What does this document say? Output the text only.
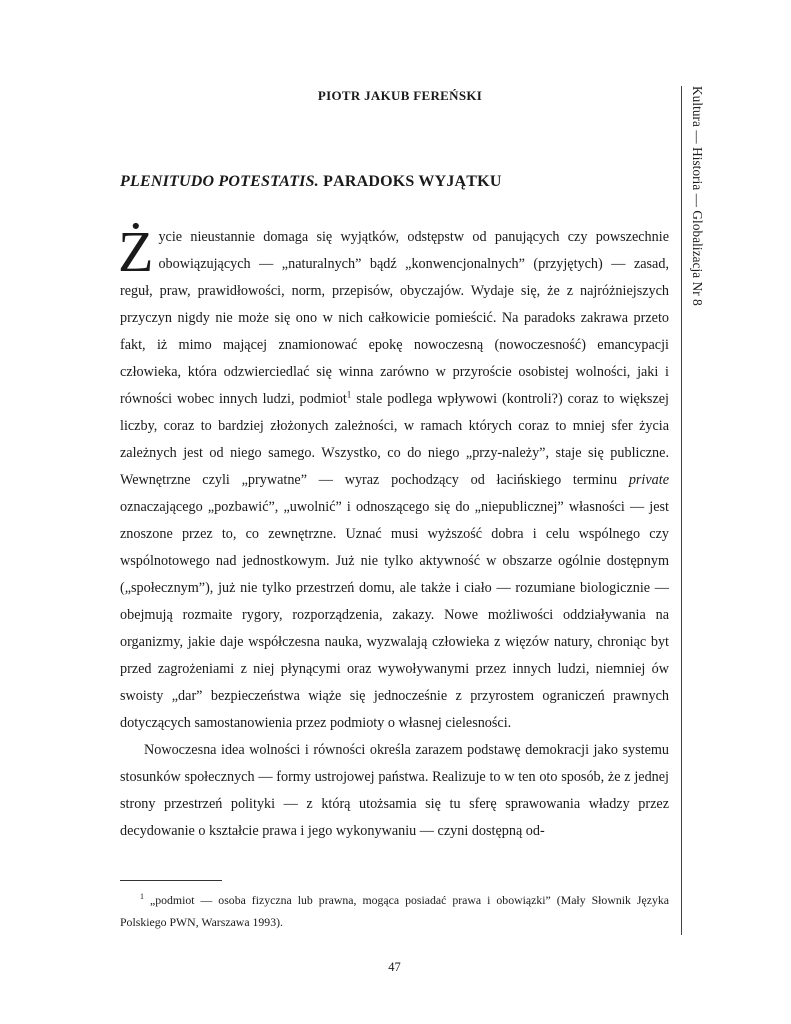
PIOTR JAKUB FEREŃSKI
PLENITUDO POTESTATIS. PARADOKS WYJĄTKU

Życie nieustannie domaga się wyjątków, odstępstw od panujących czy powszechnie obowiązujących — „naturalnych” bądź „konwencjonalnych” (przyjętych) — zasad, reguł, praw, prawidłowości, norm, przepisów, obyczajów. Wydaje się, że z najróżniejszych przyczyn nigdy nie może się ono w nich całkowicie pomieścić. Na paradoks zakrawa przeto fakt, iż mimo mającej znamionować epokę nowoczesną (nowoczesność) emancypacji człowieka, która odzwierciedlać się winna zarówno w przyroście osobistej wolności, jaki i równości wobec innych ludzi, podmiot$^1$ stale podlega wpływowi (kontroli?) coraz to większej liczby, coraz to bardziej złożonych zależności, w ramach których coraz to mniej sfer życia zależnych jest od niego samego. Wszystko, co do niego „przy-należy”, staje się publiczne. Wewnętrzne czyli „prywatne” — wyraz pochodzący od łacińskiego terminu private oznaczającego „pozbawić”, „uwolnić” i odnoszącego się do „niepublicznej” własności — jest znoszone przez to, co zewnętrzne. Uznać musi wyższość dobra i celu wspólnego czy wspólnotowego nad jednostkowym. Już nie tylko aktywność w obszarze ogólnie dostępnym („społecznym”), już nie tylko przestrzeń domu, ale także i ciało — rozumiane biologicznie — obejmują rozmaite rygory, rozporządzenia, zakazy. Nowe możliwości oddziaływania na organizmy, jakie daje współczesna nauka, wyzwalają człowieka z więzów natury, chroniąc byt przed zagrożeniami z niej płynącymi oraz wywoływanymi przez innych ludzi, niemniej ów swoisty „dar” bezpieczeństwa wiąże się jednocześnie z przyrostem ograniczeń prawnych dotyczących samostanowienia przez podmioty o własnej cielesności.

Nowoczesna idea wolności i równości określa zarazem podstawę demokracji jako systemu stosunków społecznych — formy ustrojowej państwa. Realizuje to w ten oto sposób, że z jednej strony przestrzeń polityki — z którą utożsamia się tu sferę sprawowania władzy przez decydowanie o kształcie prawa i jego wykonywaniu — czyni dostępną od-

$^1$ „podmiot — osoba fizyczna lub prawna, mogąca posiadać prawa i obowiązki” (Mały Słownik Języka Polskiego PWN, Warszawa 1993).

47
Kultura — Historia — Globalizacja Nr 8
